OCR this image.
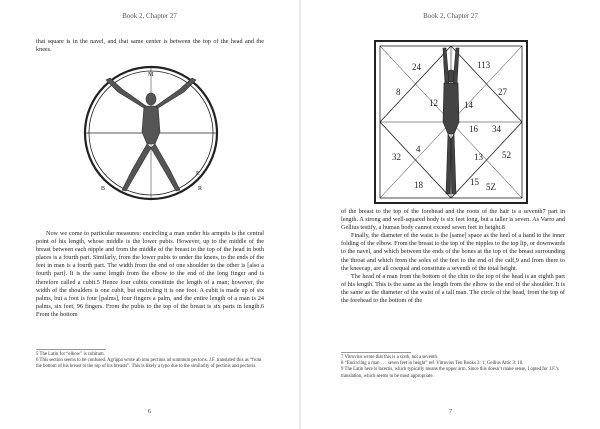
Book 2, Chapter 27

that square is in the navel, and that same center is between the top of the head and the knees.

M
B
E
R

Now we come to particular measures: encircling a man under his armpits is the central point of his length, whose middle is the lower pubis. However, up to the middle of the breast between each nipple and from the middle of the breast to the top of the head in both places is a fourth part. Similarly, from the lower pubis to under the knees, to the ends of the feet in man is a fourth part. The width from the end of one shoulder to the other is [also a fourth part]. It is the same length from the elbow to the end of the long finger and is therefore called a cubit.5 Hence four cubits constitute the length of a man; however, the width of the shoulders is one cubit, but encircling it is one foot. A cubit is made up of six palms, but a foot is four [palms], four fingers a palm, and the entire length of a man is 24 palms, six feet, 96 fingers. From the pubis to the top of the breast is six parts in length.6 From the bottom

5 The Latin for “elbow” is cubitum.

6 This section seems to be confused. Agrippa wrote ab imo pectinis ad summum pectoris. J.F. translated this as “from the bottom of his breast to the top of his breasts”. This is likely a typo due to the similarity of pectinis and pectoris.

6
Book 2, Chapter 27
24	113
8
12	14
27
16 34
32
4
13 52
18	15 5Z

of the breast to the top of the forehead and the roots of the hair is a seventh7 part in length. A strong and well-squared body is six feet long, but a taller is seven. As Varro and Gellius testify, a human body cannot exceed seven feet in height.8

Finally, the diameter of the waist is the [same] space as the heel of a hand to the inner folding of the elbow. From the breast to the top of the nipples to the top lip, or downwards to the navel, and which between the ends of the bones at the top of the breast surrounding the throat and which from the soles of the feet to the end of the calf,9 and from there to the kneecap, are all coequal and constitute a seventh of the total height.

The head of a man from the bottom of the chin to the top of the head is an eighth part of his length. This is the same as the length from the elbow to the end of the shoulder. It is the same as the diameter of the waist of a tall man. The circle of the head, from the top of the forehead to the bottom of the

7 Vitruvius wrote that this is a sixth, not a seventh.

8 “Encircling a man . . . seven feet in height” ref. Vitruvius Ten Books 3: 1; Gellius Attic 3: 10.

9 The Latin here is lacertis, which typically means the upper arm. Since this doesn’t make sense, I opted for J.F.’s translation, which seems to be most appropriate.

7
